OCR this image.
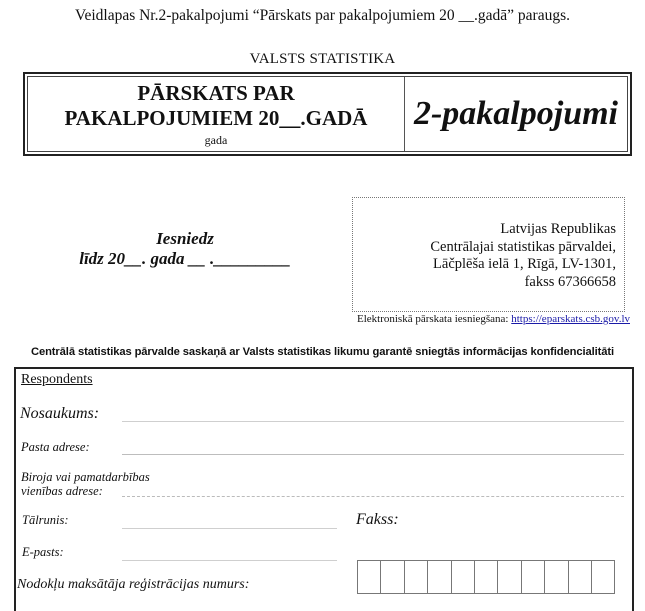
Veidlapas Nr.2-pakalpojumi “Pārskats par pakalpojumiem 20 __.gadā” paraugs.
VALSTS STATISTIKA
PĀRSKATS PAR
PAKALPOJUMIEM 20__.GADĀ
gada
2-pakalpojumi
Iesniedz
līdz 20__. gada __ ._________
Latvijas Republikas
Centrālajai statistikas pārvaldei,
Lāčplēša ielā 1, Rīgā, LV-1301,
fakss 67366658
Elektroniskā pārskata iesniegšana: https://eparskats.csb.gov.lv
Centrālā statistikas pārvalde saskaņā ar Valsts statistikas likumu garantē sniegtās informācijas konfidencialitāti
Respondents
Nosaukums:
Pasta adrese:
Biroja vai pamatdarbības
vienības adrese:
Tālrunis:	Fakss:
E-pasts:
Nodokļu maksātāja reģistrācijas numurs:
